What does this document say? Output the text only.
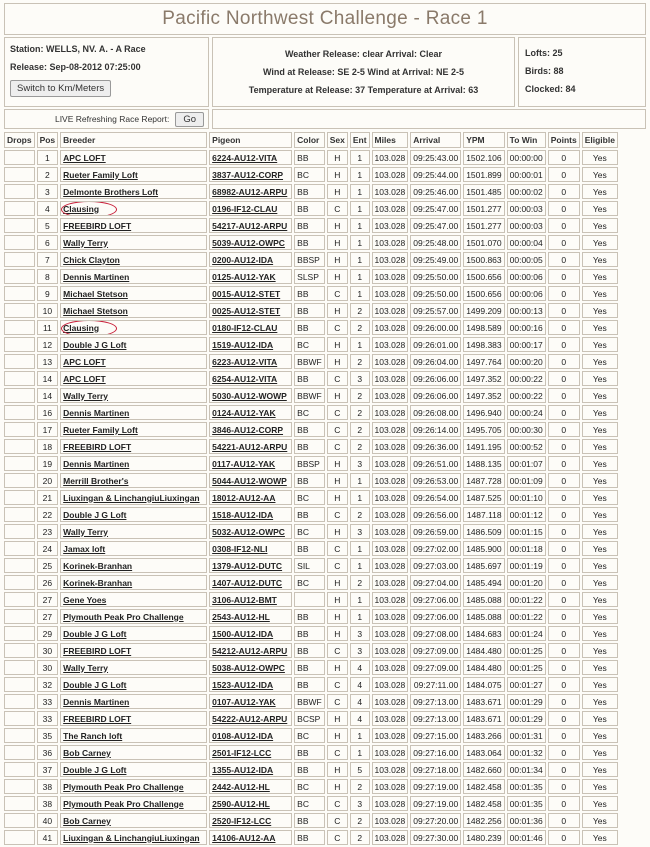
Pacific Northwest Challenge - Race 1
Station: WELLS, NV. A. - A Race
Release: Sep-08-2012 07:25:00
Switch to Km/Meters
Weather Release: clear Arrival: Clear
Wind at Release: SE 2-5 Wind at Arrival: NE 2-5
Temperature at Release: 37 Temperature at Arrival: 63
Lofts: 25
Birds: 88
Clocked: 84
LIVE Refreshing Race Report:	Go
Drops	Pos	Breeder	Pigeon	Color	Sex	Ent	Miles	Arrival	YPM	To Win	Points	Eligible
	1	APC LOFT	6224-AU12-VITA	BB	H	1	103.028	09:25:43.00	1502.106	00:00:00	0	Yes
	2	Rueter Family Loft	3837-AU12-CORP	BC	H	1	103.028	09:25:44.00	1501.899	00:00:01	0	Yes
	3	Delmonte Brothers Loft	68982-AU12-ARPU	BB	H	1	103.028	09:25:46.00	1501.485	00:00:02	0	Yes
	4	Clausing	0196-IF12-CLAU	BB	C	1	103.028	09:25:47.00	1501.277	00:00:03	0	Yes
	5	FREEBIRD LOFT	54217-AU12-ARPU	BB	H	1	103.028	09:25:47.00	1501.277	00:00:03	0	Yes
	6	Wally Terry	5039-AU12-OWPC	BB	H	1	103.028	09:25:48.00	1501.070	00:00:04	0	Yes
	7	Chick Clayton	0200-AU12-IDA	BBSP	H	1	103.028	09:25:49.00	1500.863	00:00:05	0	Yes
	8	Dennis Martinen	0125-AU12-YAK	SLSP	H	1	103.028	09:25:50.00	1500.656	00:00:06	0	Yes
	9	Michael Stetson	0015-AU12-STET	BB	C	1	103.028	09:25:50.00	1500.656	00:00:06	0	Yes
	10	Michael Stetson	0025-AU12-STET	BB	H	2	103.028	09:25:57.00	1499.209	00:00:13	0	Yes
	11	Clausing	0180-IF12-CLAU	BB	C	2	103.028	09:26:00.00	1498.589	00:00:16	0	Yes
	12	Double J G Loft	1519-AU12-IDA	BC	H	1	103.028	09:26:01.00	1498.383	00:00:17	0	Yes
	13	APC LOFT	6223-AU12-VITA	BBWF	H	2	103.028	09:26:04.00	1497.764	00:00:20	0	Yes
	14	APC LOFT	6254-AU12-VITA	BB	C	3	103.028	09:26:06.00	1497.352	00:00:22	0	Yes
	14	Wally Terry	5030-AU12-WOWP	BBWF	H	2	103.028	09:26:06.00	1497.352	00:00:22	0	Yes
	16	Dennis Martinen	0124-AU12-YAK	BC	C	2	103.028	09:26:08.00	1496.940	00:00:24	0	Yes
	17	Rueter Family Loft	3846-AU12-CORP	BB	C	2	103.028	09:26:14.00	1495.705	00:00:30	0	Yes
	18	FREEBIRD LOFT	54221-AU12-ARPU	BB	C	2	103.028	09:26:36.00	1491.195	00:00:52	0	Yes
	19	Dennis Martinen	0117-AU12-YAK	BBSP	H	3	103.028	09:26:51.00	1488.135	00:01:07	0	Yes
	20	Merrill Brother's	5044-AU12-WOWP	BB	H	1	103.028	09:26:53.00	1487.728	00:01:09	0	Yes
	21	Liuxingan & LinchangiuLiuxingan	18012-AU12-AA	BC	H	1	103.028	09:26:54.00	1487.525	00:01:10	0	Yes
	22	Double J G Loft	1518-AU12-IDA	BB	C	2	103.028	09:26:56.00	1487.118	00:01:12	0	Yes
	23	Wally Terry	5032-AU12-OWPC	BC	H	3	103.028	09:26:59.00	1486.509	00:01:15	0	Yes
	24	Jamax loft	0308-IF12-NLI	BB	C	1	103.028	09:27:02.00	1485.900	00:01:18	0	Yes
	25	Korinek-Branhan	1379-AU12-DUTC	SIL	C	1	103.028	09:27:03.00	1485.697	00:01:19	0	Yes
	26	Korinek-Branhan	1407-AU12-DUTC	BC	H	2	103.028	09:27:04.00	1485.494	00:01:20	0	Yes
	27	Gene Yoes	3106-AU12-BMT		H	1	103.028	09:27:06.00	1485.088	00:01:22	0	Yes
	27	Plymouth Peak Pro Challenge	2543-AU12-HL	BB	H	1	103.028	09:27:06.00	1485.088	00:01:22	0	Yes
	29	Double J G Loft	1500-AU12-IDA	BB	H	3	103.028	09:27:08.00	1484.683	00:01:24	0	Yes
	30	FREEBIRD LOFT	54212-AU12-ARPU	BB	C	3	103.028	09:27:09.00	1484.480	00:01:25	0	Yes
	30	Wally Terry	5038-AU12-OWPC	BB	H	4	103.028	09:27:09.00	1484.480	00:01:25	0	Yes
	32	Double J G Loft	1523-AU12-IDA	BB	C	4	103.028	09:27:11.00	1484.075	00:01:27	0	Yes
	33	Dennis Martinen	0107-AU12-YAK	BBWF	C	4	103.028	09:27:13.00	1483.671	00:01:29	0	Yes
	33	FREEBIRD LOFT	54222-AU12-ARPU	BCSP	H	4	103.028	09:27:13.00	1483.671	00:01:29	0	Yes
	35	The Ranch loft	0108-AU12-IDA	BC	H	1	103.028	09:27:15.00	1483.266	00:01:31	0	Yes
	36	Bob Carney	2501-IF12-LCC	BB	C	1	103.028	09:27:16.00	1483.064	00:01:32	0	Yes
	37	Double J G Loft	1355-AU12-IDA	BB	H	5	103.028	09:27:18.00	1482.660	00:01:34	0	Yes
	38	Plymouth Peak Pro Challenge	2442-AU12-HL	BC	H	2	103.028	09:27:19.00	1482.458	00:01:35	0	Yes
	38	Plymouth Peak Pro Challenge	2590-AU12-HL	BC	C	3	103.028	09:27:19.00	1482.458	00:01:35	0	Yes
	40	Bob Carney	2520-IF12-LCC	BB	C	2	103.028	09:27:20.00	1482.256	00:01:36	0	Yes
	41	Liuxingan & LinchangiuLiuxingan	14106-AU12-AA	BB	C	2	103.028	09:27:30.00	1480.239	00:01:46	0	Yes
